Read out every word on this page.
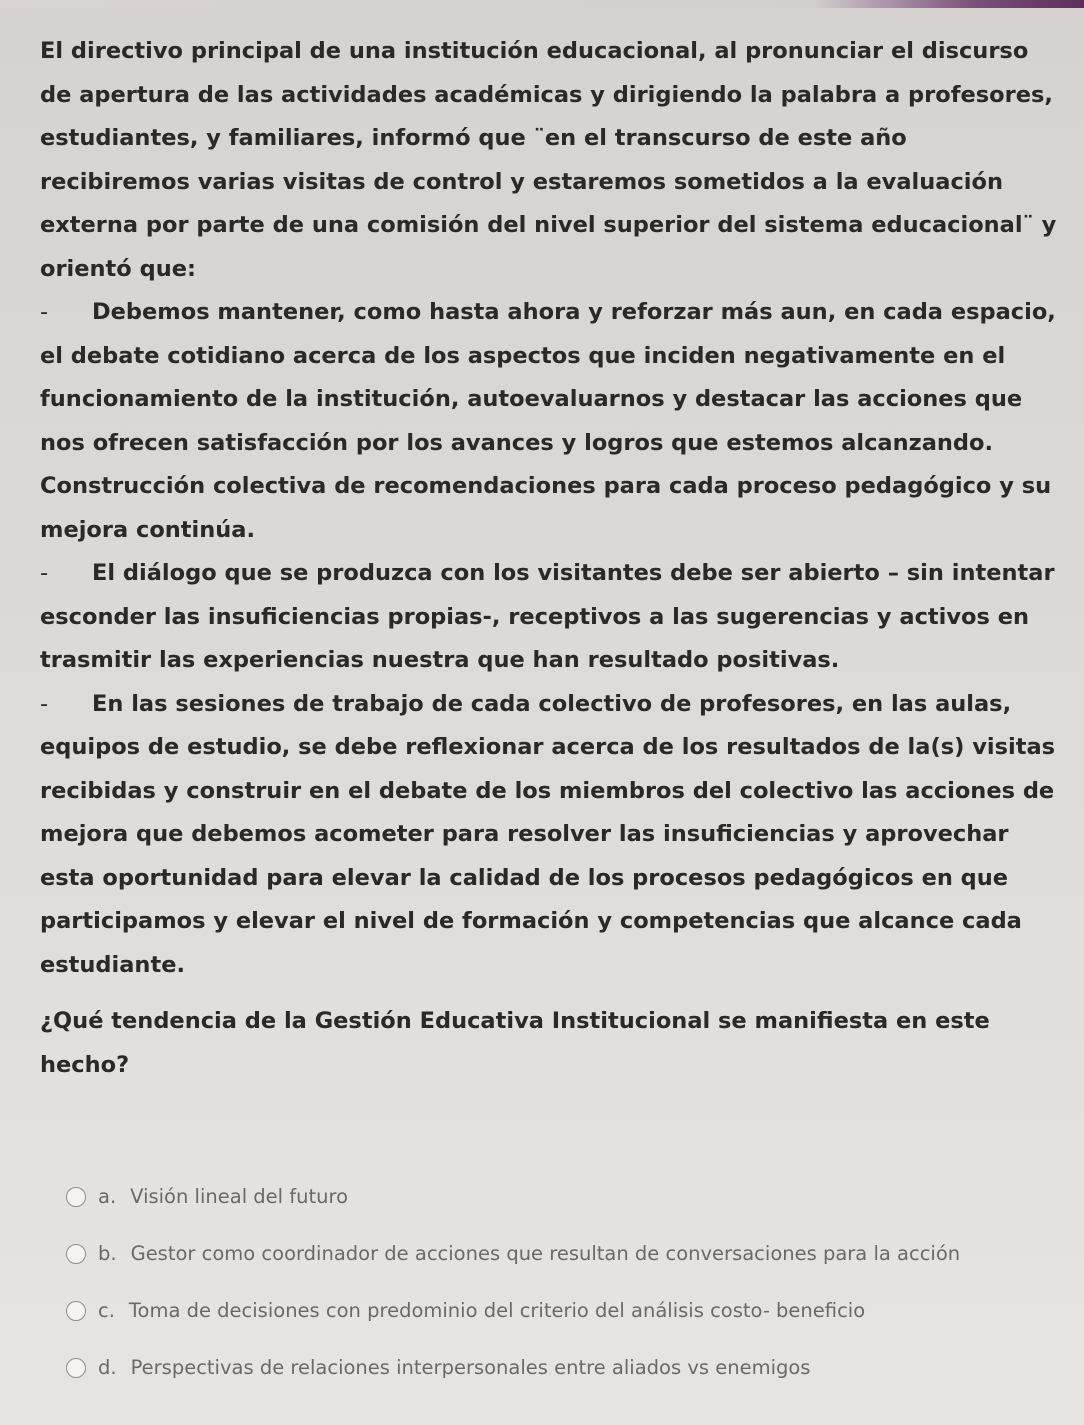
El directivo principal de una institución educacional, al pronunciar el discurso de apertura de las actividades académicas y dirigiendo la palabra a profesores, estudiantes, y familiares, informó que ¨en el transcurso de este año recibiremos varias visitas de control y estaremos sometidos a la evaluación externa por parte de una comisión del nivel superior del sistema educacional¨ y orientó que:

- Debemos mantener, como hasta ahora y reforzar más aun, en cada espacio, el debate cotidiano acerca de los aspectos que inciden negativamente en el funcionamiento de la institución, autoevaluarnos y destacar las acciones que nos ofrecen satisfacción por los avances y logros que estemos alcanzando. Construcción colectiva de recomendaciones para cada proceso pedagógico y su mejora continúa.

- El diálogo que se produzca con los visitantes debe ser abierto – sin intentar esconder las insuficiencias propias-, receptivos a las sugerencias y activos en trasmitir las experiencias nuestra que han resultado positivas.

- En las sesiones de trabajo de cada colectivo de profesores, en las aulas, equipos de estudio, se debe reflexionar acerca de los resultados de la(s) visitas recibidas y construir en el debate de los miembros del colectivo las acciones de mejora que debemos acometer para resolver las insuficiencias y aprovechar esta oportunidad para elevar la calidad de los procesos pedagógicos en que participamos y elevar el nivel de formación y competencias que alcance cada estudiante.

¿Qué tendencia de la Gestión Educativa Institucional se manifiesta en este hecho?

a. Visión lineal del futuro
b. Gestor como coordinador de acciones que resultan de conversaciones para la acción
c. Toma de decisiones con predominio del criterio del análisis costo- beneficio
d. Perspectivas de relaciones interpersonales entre aliados vs enemigos
